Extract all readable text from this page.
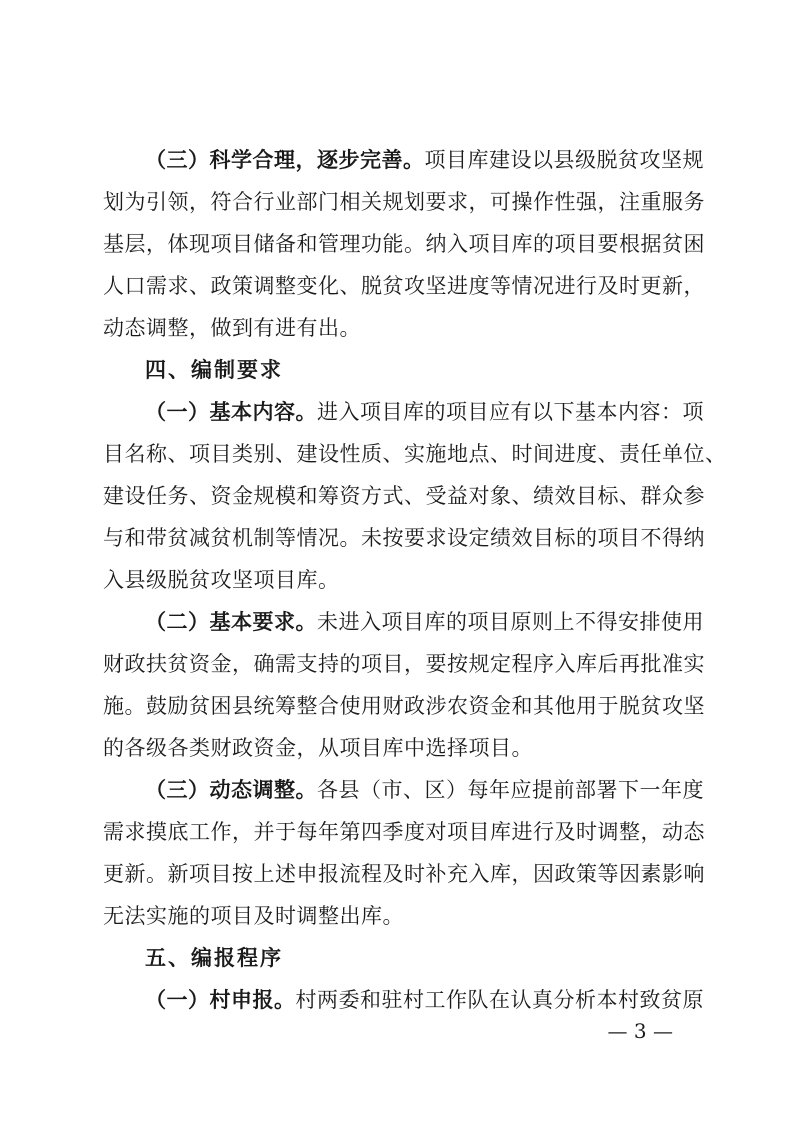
（三）科学合理，逐步完善。项目库建设以县级脱贫攻坚规
划为引领，符合行业部门相关规划要求，可操作性强，注重服务
基层，体现项目储备和管理功能。纳入项目库的项目要根据贫困
人口需求、政策调整变化、脱贫攻坚进度等情况进行及时更新，
动态调整，做到有进有出。
四、编制要求
（一）基本内容。进入项目库的项目应有以下基本内容：项
目名称、项目类别、建设性质、实施地点、时间进度、责任单位、
建设任务、资金规模和筹资方式、受益对象、绩效目标、群众参
与和带贫减贫机制等情况。未按要求设定绩效目标的项目不得纳
入县级脱贫攻坚项目库。
（二）基本要求。未进入项目库的项目原则上不得安排使用
财政扶贫资金，确需支持的项目，要按规定程序入库后再批准实
施。鼓励贫困县统筹整合使用财政涉农资金和其他用于脱贫攻坚
的各级各类财政资金，从项目库中选择项目。
（三）动态调整。各县（市、区）每年应提前部署下一年度
需求摸底工作，并于每年第四季度对项目库进行及时调整，动态
更新。新项目按上述申报流程及时补充入库，因政策等因素影响
无法实施的项目及时调整出库。
五、编报程序
（一）村申报。村两委和驻村工作队在认真分析本村致贫原
— 3 —
